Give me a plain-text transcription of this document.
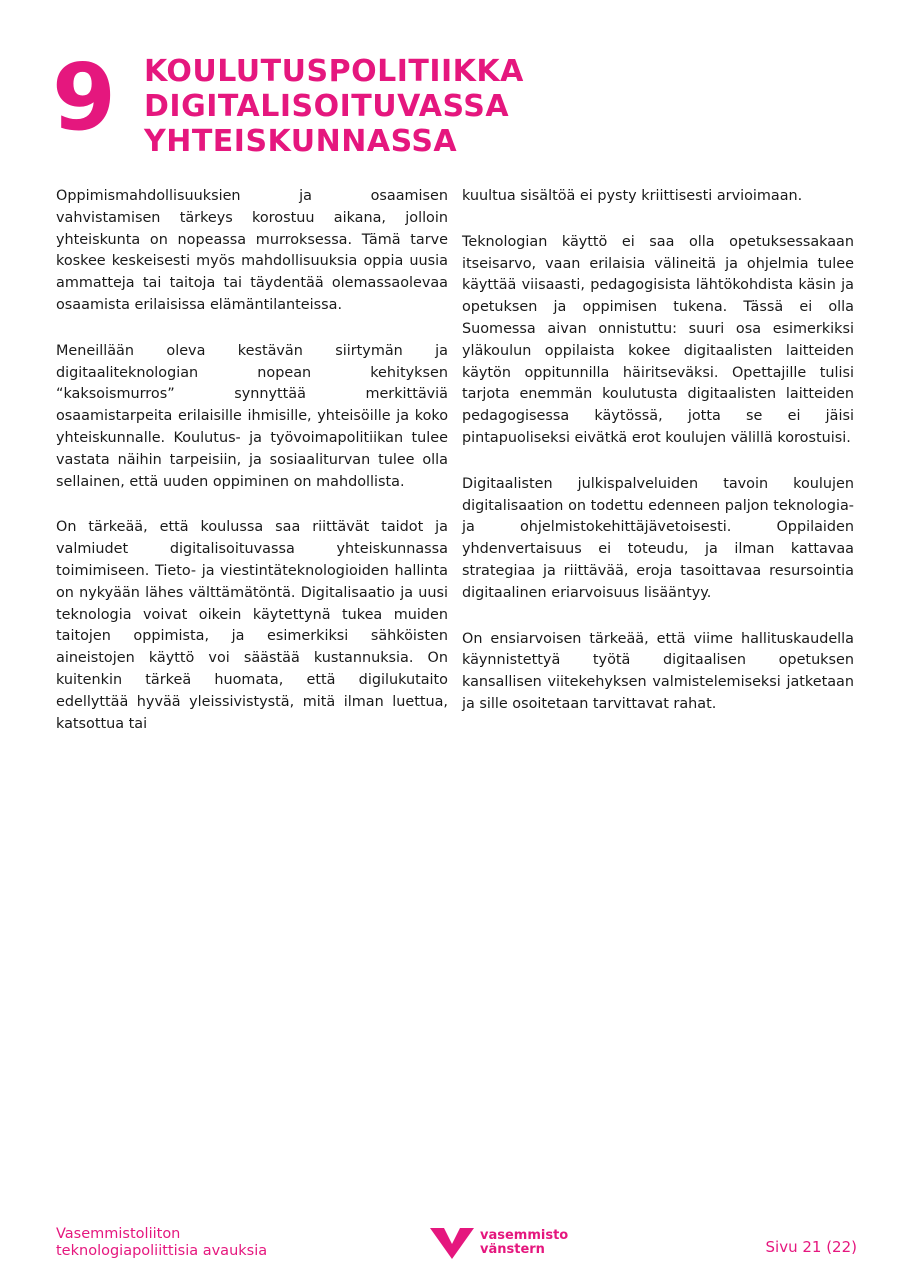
9 KOULUTUSPOLITIIKKA
DIGITALISOITUVASSA
YHTEISKUNNASSA

Oppimismahdollisuuksien ja osaamisen vahvistamisen tärkeys korostuu aikana, jolloin yhteiskunta on nopeassa murroksessa. Tämä tarve koskee keskeisesti myös mahdollisuuksia oppia uusia ammatteja tai taitoja tai täydentää olemassaolevaa osaamista erilaisissa elämäntilanteissa.

Meneillään oleva kestävän siirtymän ja digitaaliteknologian nopean kehityksen “kaksoismurros” synnyttää merkittäviä osaamistarpeita erilaisille ihmisille, yhteisöille ja koko yhteiskunnalle. Koulutus- ja työvoimapolitiikan tulee vastata näihin tarpeisiin, ja sosiaaliturvan tulee olla sellainen, että uuden oppiminen on mahdollista.

On tärkeää, että koulussa saa riittävät taidot ja valmiudet digitalisoituvassa yhteiskunnassa toimimiseen. Tieto- ja viestintäteknologioiden hallinta on nykyään lähes välttämätöntä. Digitalisaatio ja uusi teknologia voivat oikein käytettynä tukea muiden taitojen oppimista, ja esimerkiksi sähköisten aineistojen käyttö voi säästää kustannuksia. On kuitenkin tärkeä huomata, että digilukutaito edellyttää hyvää yleissivistystä, mitä ilman luettua, katsottua tai

kuultua sisältöä ei pysty kriittisesti arvioimaan.

Teknologian käyttö ei saa olla opetuksessakaan itseisarvo, vaan erilaisia välineitä ja ohjelmia tulee käyttää viisaasti, pedagogisista lähtökohdista käsin ja opetuksen ja oppimisen tukena. Tässä ei olla Suomessa aivan onnistuttu: suuri osa esimerkiksi yläkoulun oppilaista kokee digitaalisten laitteiden käytön oppitunnilla häiritseväksi. Opettajille tulisi tarjota enemmän koulutusta digitaalisten laitteiden pedagogisessa käytössä, jotta se ei jäisi pintapuoliseksi eivätkä erot koulujen välillä korostuisi.

Digitaalisten julkispalveluiden tavoin koulujen digitalisaation on todettu edenneen paljon teknologia- ja ohjelmistokehittäjävetoisesti. Oppilaiden yhdenvertaisuus ei toteudu, ja ilman kattavaa strategiaa ja riittävää, eroja tasoittavaa resursointia digitaalinen eriarvoisuus lisääntyy.

On ensiarvoisen tärkeää, että viime hallituskaudella käynnistettyä työtä digitaalisen opetuksen kansallisen viitekehyksen valmistelemiseksi jatketaan ja sille osoitetaan tarvittavat rahat.

Vasemmistoliiton
teknologiapoliittisia avauksia
vasemmisto
vänstern	Sivu 21 (22)
